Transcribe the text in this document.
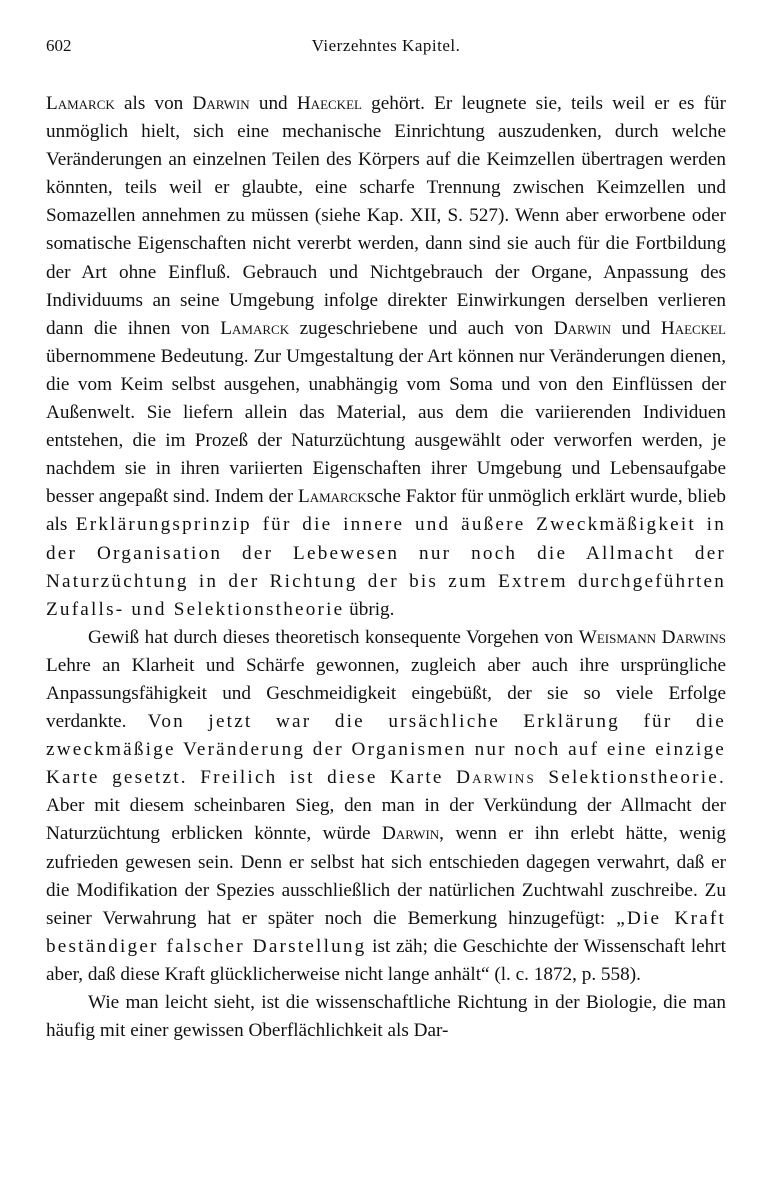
602	Vierzehntes Kapitel.

Lamarck als von Darwin und Haeckel gehört. Er leugnete sie, teils weil er es für unmöglich hielt, sich eine mechanische Einrichtung auszudenken, durch welche Veränderungen an einzelnen Teilen des Körpers auf die Keimzellen übertragen werden könnten, teils weil er glaubte, eine scharfe Trennung zwischen Keimzellen und Somazellen annehmen zu müssen (siehe Kap. XII, S. 527). Wenn aber erworbene oder somatische Eigenschaften nicht vererbt werden, dann sind sie auch für die Fortbildung der Art ohne Einfluß. Gebrauch und Nichtgebrauch der Organe, Anpassung des Individuums an seine Umgebung infolge direkter Einwirkungen derselben verlieren dann die ihnen von Lamarck zugeschriebene und auch von Darwin und Haeckel übernommene Bedeutung. Zur Umgestaltung der Art können nur Veränderungen dienen, die vom Keim selbst ausgehen, unabhängig vom Soma und von den Einflüssen der Außenwelt. Sie liefern allein das Material, aus dem die variierenden Individuen entstehen, die im Prozeß der Naturzüchtung ausgewählt oder verworfen werden, je nachdem sie in ihren variierten Eigenschaften ihrer Umgebung und Lebensaufgabe besser angepaßt sind. Indem der Lamarcksche Faktor für unmöglich erklärt wurde, blieb als Erklärungsprinzip für die innere und äußere Zweckmäßigkeit in der Organisation der Lebewesen nur noch die Allmacht der Naturzüchtung in der Richtung der bis zum Extrem durchgeführten Zufalls- und Selektionstheorie übrig.

Gewiß hat durch dieses theoretisch konsequente Vorgehen von Weismann Darwins Lehre an Klarheit und Schärfe gewonnen, zugleich aber auch ihre ursprüngliche Anpassungsfähigkeit und Geschmeidigkeit eingebüßt, der sie so viele Erfolge verdankte. Von jetzt war die ursächliche Erklärung für die zweckmäßige Veränderung der Organismen nur noch auf eine einzige Karte gesetzt. Freilich ist diese Karte Darwins Selektionstheorie. Aber mit diesem scheinbaren Sieg, den man in der Verkündung der Allmacht der Naturzüchtung erblicken könnte, würde Darwin, wenn er ihn erlebt hätte, wenig zufrieden gewesen sein. Denn er selbst hat sich entschieden dagegen verwahrt, daß er die Modifikation der Spezies ausschließlich der natürlichen Zuchtwahl zuschreibe. Zu seiner Verwahrung hat er später noch die Bemerkung hinzugefügt: „Die Kraft beständiger falscher Darstellung ist zäh; die Geschichte der Wissenschaft lehrt aber, daß diese Kraft glücklicherweise nicht lange anhält“ (l. c. 1872, p. 558).

Wie man leicht sieht, ist die wissenschaftliche Richtung in der Biologie, die man häufig mit einer gewissen Oberflächlichkeit als Dar-
